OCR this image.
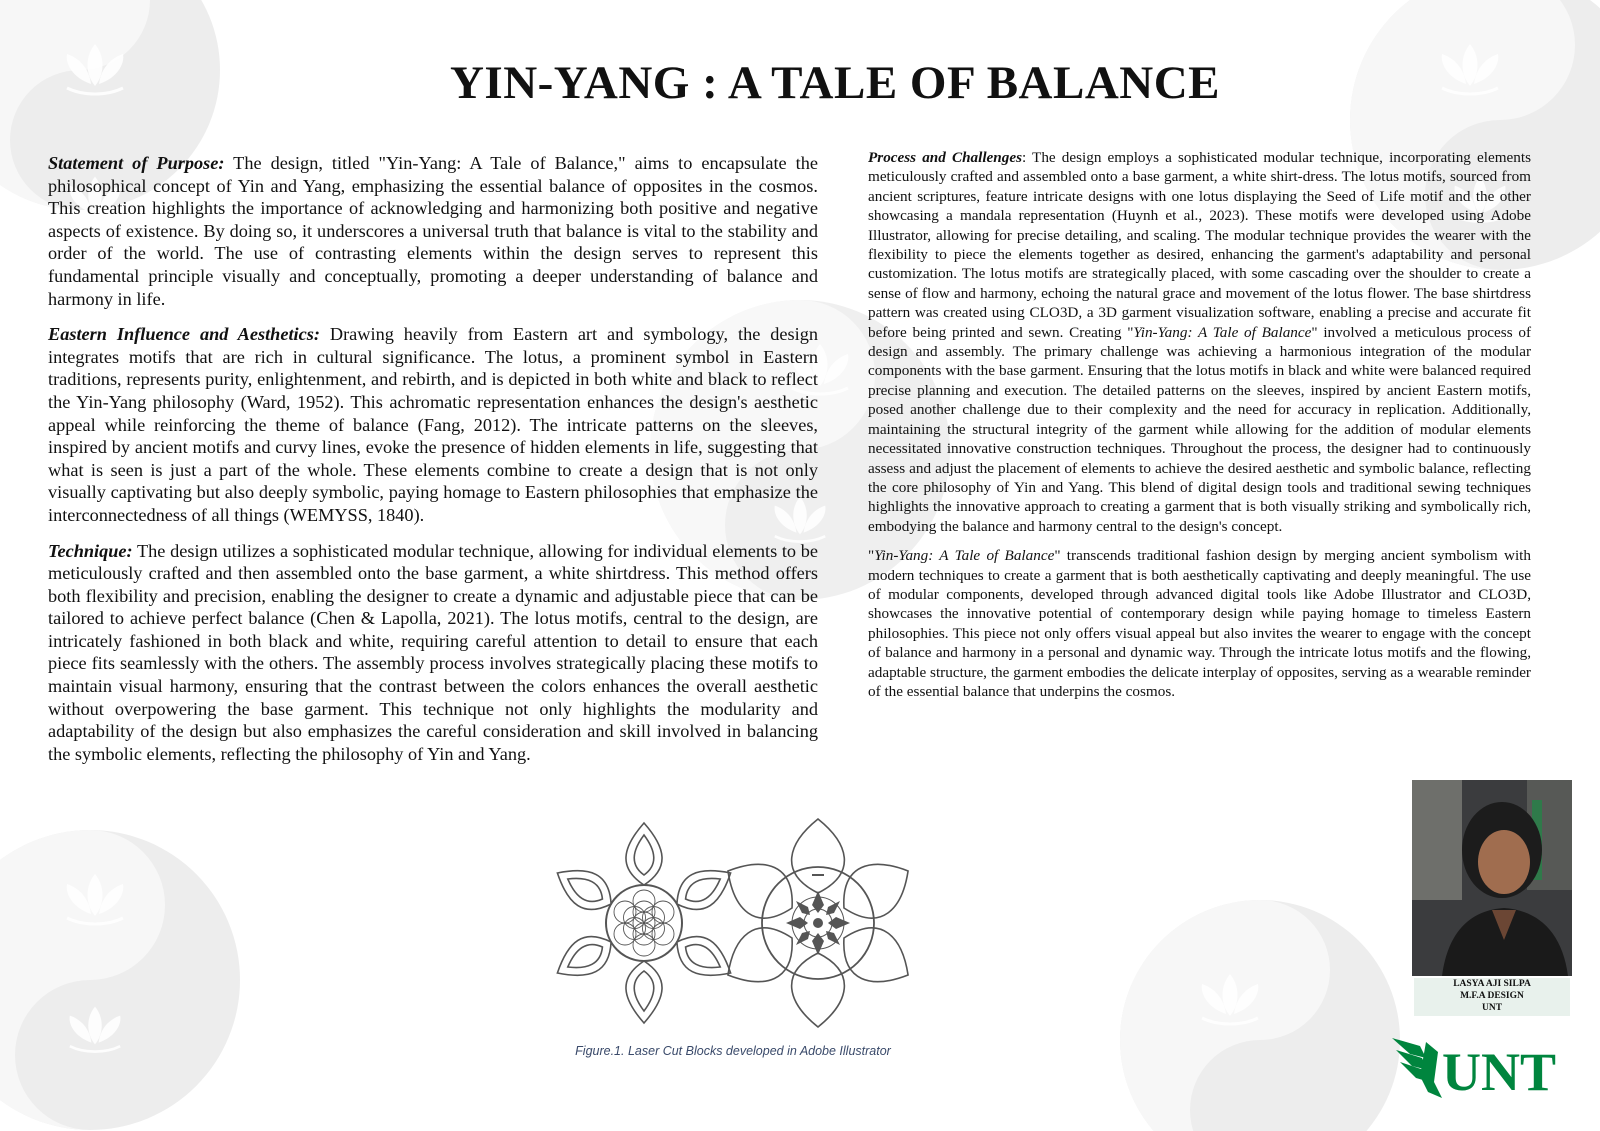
YIN-YANG : A TALE OF BALANCE

Statement of Purpose: The design, titled "Yin-Yang: A Tale of Balance," aims to encapsulate the philosophical concept of Yin and Yang, emphasizing the essential balance of opposites in the cosmos. This creation highlights the importance of acknowledging and harmonizing both positive and negative aspects of existence. By doing so, it underscores a universal truth that balance is vital to the stability and order of the world. The use of contrasting elements within the design serves to represent this fundamental principle visually and conceptually, promoting a deeper understanding of balance and harmony in life.

Eastern Influence and Aesthetics: Drawing heavily from Eastern art and symbology, the design integrates motifs that are rich in cultural significance. The lotus, a prominent symbol in Eastern traditions, represents purity, enlightenment, and rebirth, and is depicted in both white and black to reflect the Yin-Yang philosophy (Ward, 1952). This achromatic representation enhances the design's aesthetic appeal while reinforcing the theme of balance (Fang, 2012). The intricate patterns on the sleeves, inspired by ancient motifs and curvy lines, evoke the presence of hidden elements in life, suggesting that what is seen is just a part of the whole. These elements combine to create a design that is not only visually captivating but also deeply symbolic, paying homage to Eastern philosophies that emphasize the interconnectedness of all things (WEMYSS, 1840).

Technique: The design utilizes a sophisticated modular technique, allowing for individual elements to be meticulously crafted and then assembled onto the base garment, a white shirtdress. This method offers both flexibility and precision, enabling the designer to create a dynamic and adjustable piece that can be tailored to achieve perfect balance (Chen & Lapolla, 2021). The lotus motifs, central to the design, are intricately fashioned in both black and white, requiring careful attention to detail to ensure that each piece fits seamlessly with the others. The assembly process involves strategically placing these motifs to maintain visual harmony, ensuring that the contrast between the colors enhances the overall aesthetic without overpowering the base garment. This technique not only highlights the modularity and adaptability of the design but also emphasizes the careful consideration and skill involved in balancing the symbolic elements, reflecting the philosophy of Yin and Yang.

Process and Challenges: The design employs a sophisticated modular technique, incorporating elements meticulously crafted and assembled onto a base garment, a white shirt-dress. The lotus motifs, sourced from ancient scriptures, feature intricate designs with one lotus displaying the Seed of Life motif and the other showcasing a mandala representation (Huynh et al., 2023). These motifs were developed using Adobe Illustrator, allowing for precise detailing, and scaling. The modular technique provides the wearer with the flexibility to piece the elements together as desired, enhancing the garment's adaptability and personal customization. The lotus motifs are strategically placed, with some cascading over the shoulder to create a sense of flow and harmony, echoing the natural grace and movement of the lotus flower. The base shirtdress pattern was created using CLO3D, a 3D garment visualization software, enabling a precise and accurate fit before being printed and sewn. Creating "Yin-Yang: A Tale of Balance" involved a meticulous process of design and assembly. The primary challenge was achieving a harmonious integration of the modular components with the base garment. Ensuring that the lotus motifs in black and white were balanced required precise planning and execution. The detailed patterns on the sleeves, inspired by ancient Eastern motifs, posed another challenge due to their complexity and the need for accuracy in replication. Additionally, maintaining the structural integrity of the garment while allowing for the addition of modular elements necessitated innovative construction techniques. Throughout the process, the designer had to continuously assess and adjust the placement of elements to achieve the desired aesthetic and symbolic balance, reflecting the core philosophy of Yin and Yang. This blend of digital design tools and traditional sewing techniques highlights the innovative approach to creating a garment that is both visually striking and symbolically rich, embodying the balance and harmony central to the design's concept.

"Yin-Yang: A Tale of Balance" transcends traditional fashion design by merging ancient symbolism with modern techniques to create a garment that is both aesthetically captivating and deeply meaningful. The use of modular components, developed through advanced digital tools like Adobe Illustrator and CLO3D, showcases the innovative potential of contemporary design while paying homage to timeless Eastern philosophies. This piece not only offers visual appeal but also invites the wearer to engage with the concept of balance and harmony in a personal and dynamic way. Through the intricate lotus motifs and the flowing, adaptable structure, the garment embodies the delicate interplay of opposites, serving as a wearable reminder of the essential balance that underpins the cosmos.

Figure.1. Laser Cut Blocks developed in Adobe Illustrator
LASYA AJI SILPA
M.F.A DESIGN
UNT
UNT
